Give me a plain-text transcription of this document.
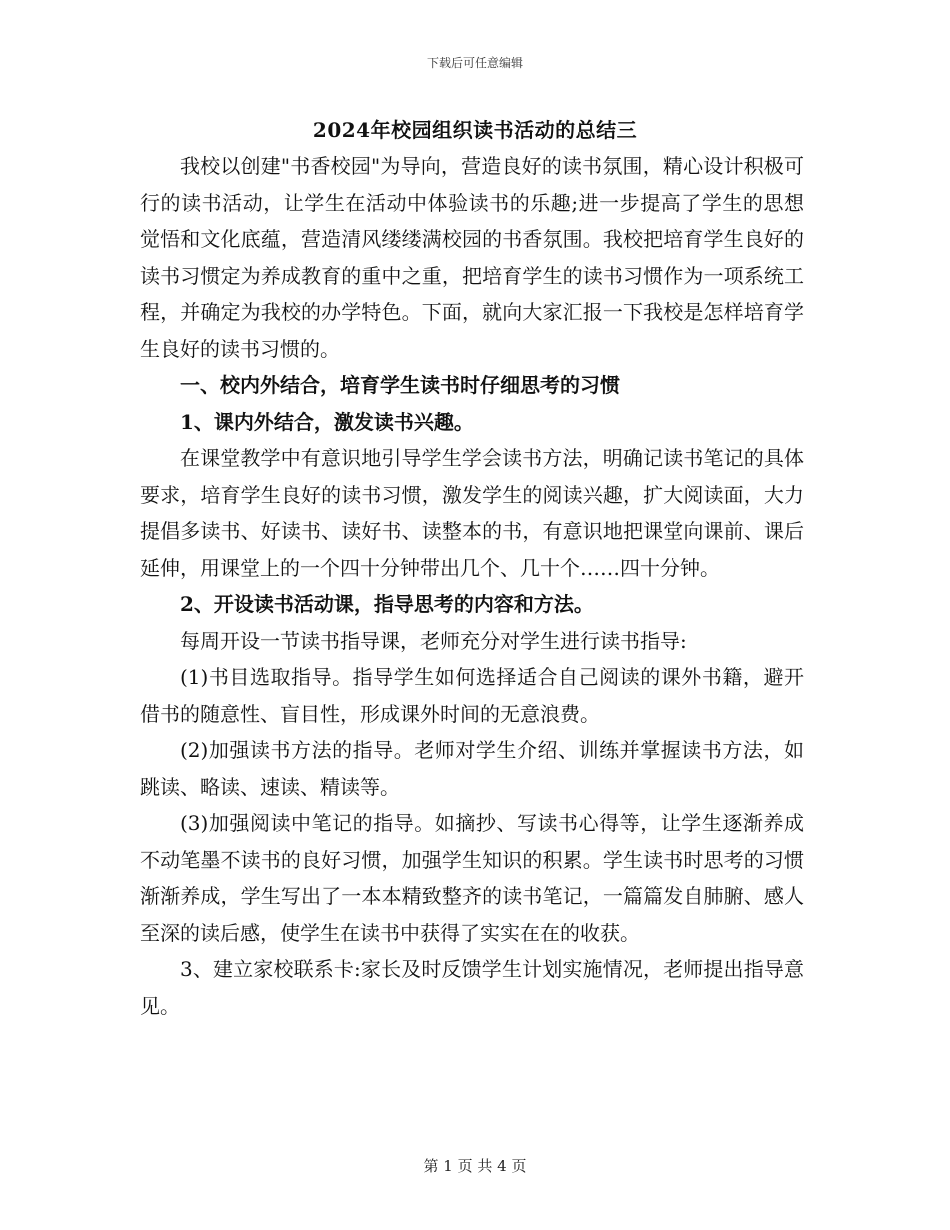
下载后可任意编辑
2024年校园组织读书活动的总结三

我校以创建"书香校园"为导向，营造良好的读书氛围，精心设计积极可行的读书活动，让学生在活动中体验读书的乐趣;进一步提高了学生的思想觉悟和文化底蕴，营造清风缕缕满校园的书香氛围。我校把培育学生良好的读书习惯定为养成教育的重中之重，把培育学生的读书习惯作为一项系统工程，并确定为我校的办学特色。下面，就向大家汇报一下我校是怎样培育学生良好的读书习惯的。

一、校内外结合，培育学生读书时仔细思考的习惯

1、课内外结合，激发读书兴趣。

在课堂教学中有意识地引导学生学会读书方法，明确记读书笔记的具体要求，培育学生良好的读书习惯，激发学生的阅读兴趣，扩大阅读面，大力提倡多读书、好读书、读好书、读整本的书，有意识地把课堂向课前、课后延伸，用课堂上的一个四十分钟带出几个、几十个……四十分钟。

2、开设读书活动课，指导思考的内容和方法。

每周开设一节读书指导课，老师充分对学生进行读书指导:

(1)书目选取指导。指导学生如何选择适合自己阅读的课外书籍，避开借书的随意性、盲目性，形成课外时间的无意浪费。

(2)加强读书方法的指导。老师对学生介绍、训练并掌握读书方法，如跳读、略读、速读、精读等。

(3)加强阅读中笔记的指导。如摘抄、写读书心得等，让学生逐渐养成不动笔墨不读书的良好习惯，加强学生知识的积累。学生读书时思考的习惯渐渐养成，学生写出了一本本精致整齐的读书笔记，一篇篇发自肺腑、感人至深的读后感，使学生在读书中获得了实实在在的收获。

3、建立家校联系卡:家长及时反馈学生计划实施情况，老师提出指导意见。

第 1 页 共 4 页
